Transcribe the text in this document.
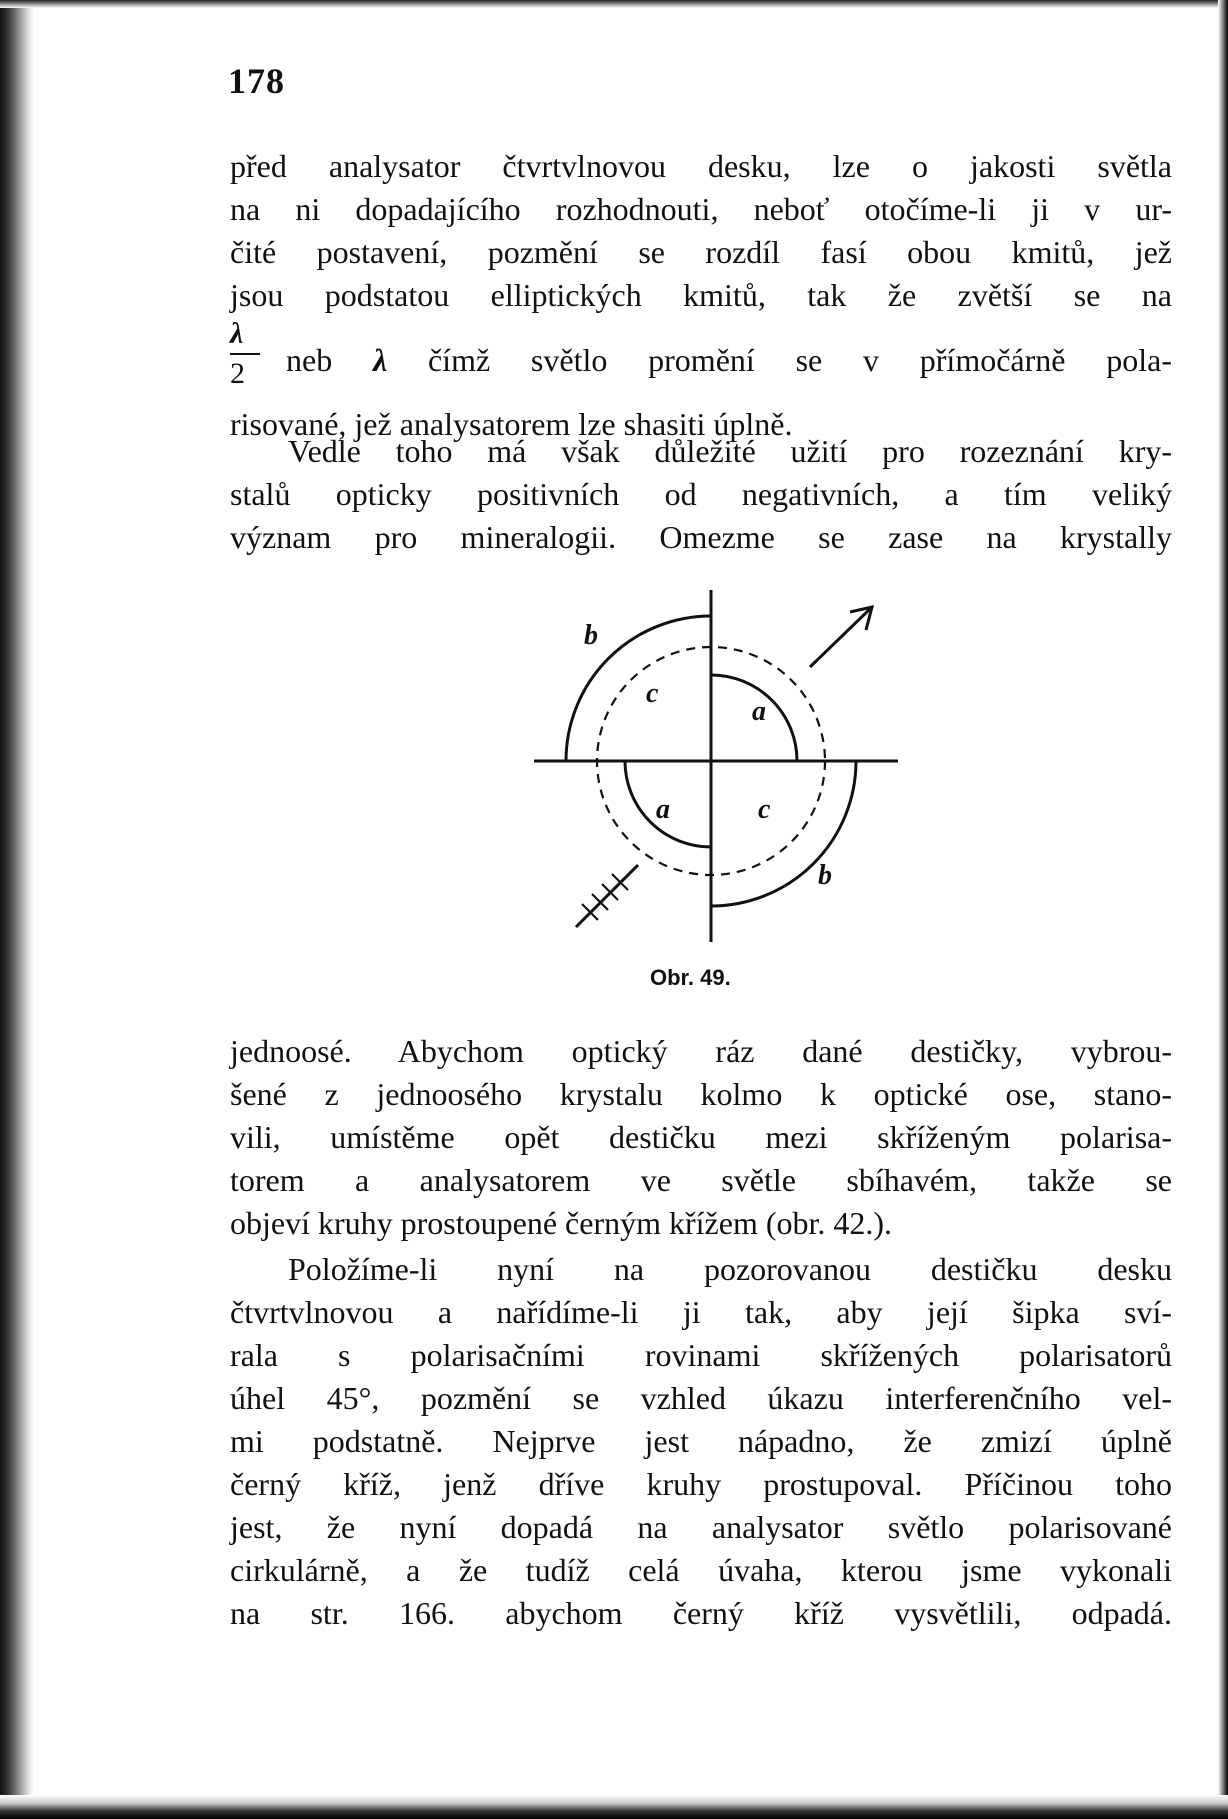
178
před analysator čtvrtvlnovou desku, lze o jakosti světla
na ni dopadajícího rozhodnouti, neboť otočíme-li ji v ur-
čité postavení, pozmění se rozdíl fasí obou kmitů, jež
jsou podstatou elliptických kmitů, tak že zvětší se na
λ
2	neb λ čímž světlo promění se v přímočárně pola-
risované, jež analysatorem lze shasiti úplně.
Vedle toho má však důležité užití pro rozeznání kry-
stalů opticky positivních od negativních, a tím veliký
význam pro mineralogii. Omezme se zase na krystally
b
c
a
a	c
b
Obr. 49.
jednoosé. Abychom optický ráz dané destičky, vybrou-
šené z jednoosého krystalu kolmo k optické ose, stano-
vili, umístěme opět destičku mezi skříženým polarisa-
torem a analysatorem ve světle sbíhavém, takže se
objeví kruhy prostoupené černým křížem (obr. 42.).
Položíme-li nyní na pozorovanou destičku desku
čtvrtvlnovou a nařídíme-li ji tak, aby její šipka sví-
rala s polarisačními rovinami skřížených polarisatorů
úhel 45°, pozmění se vzhled úkazu interferenčního vel-
mi podstatně. Nejprve jest nápadno, že zmizí úplně
černý kříž, jenž dříve kruhy prostupoval. Příčinou toho
jest, že nyní dopadá na analysator světlo polarisované
cirkulárně, a že tudíž celá úvaha, kterou jsme vykonali
na str. 166. abychom černý kříž vysvětlili, odpadá.
